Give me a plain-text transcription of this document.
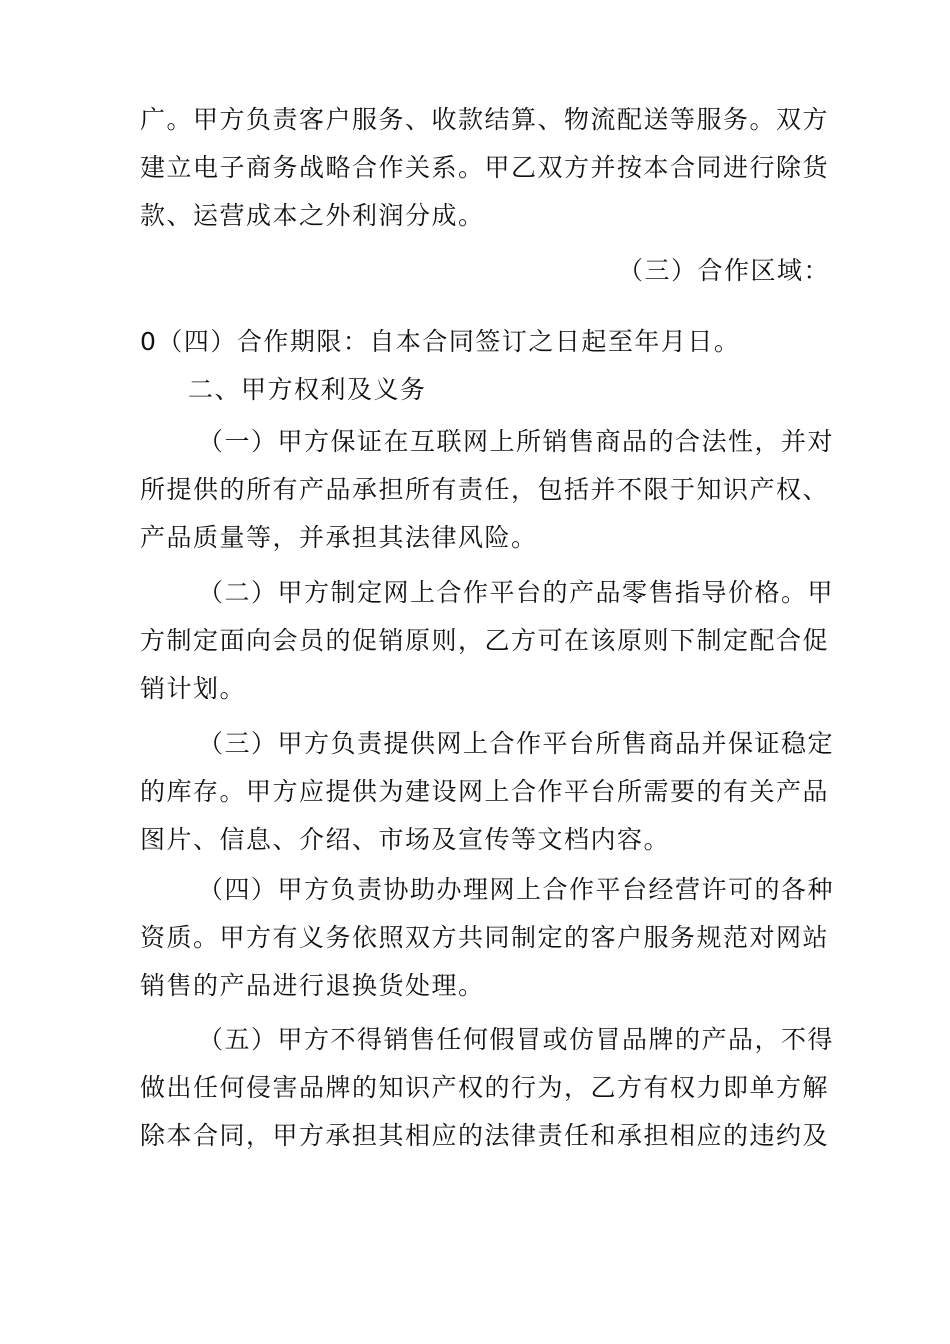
广。甲方负责客户服务、收款结算、物流配送等服务。双方
建立电子商务战略合作关系。甲乙双方并按本合同进行除货
款、运营成本之外利润分成。
（三）合作区域：
0（四）合作期限：自本合同签订之日起至年月日。
二、甲方权利及义务
（一）甲方保证在互联网上所销售商品的合法性，并对
所提供的所有产品承担所有责任，包括并不限于知识产权、
产品质量等，并承担其法律风险。
（二）甲方制定网上合作平台的产品零售指导价格。甲
方制定面向会员的促销原则，乙方可在该原则下制定配合促
销计划。
（三）甲方负责提供网上合作平台所售商品并保证稳定
的库存。甲方应提供为建设网上合作平台所需要的有关产品
图片、信息、介绍、市场及宣传等文档内容。
（四）甲方负责协助办理网上合作平台经营许可的各种
资质。甲方有义务依照双方共同制定的客户服务规范对网站
销售的产品进行退换货处理。
（五）甲方不得销售任何假冒或仿冒品牌的产品，不得
做出任何侵害品牌的知识产权的行为，乙方有权力即单方解
除本合同，甲方承担其相应的法律责任和承担相应的违约及
